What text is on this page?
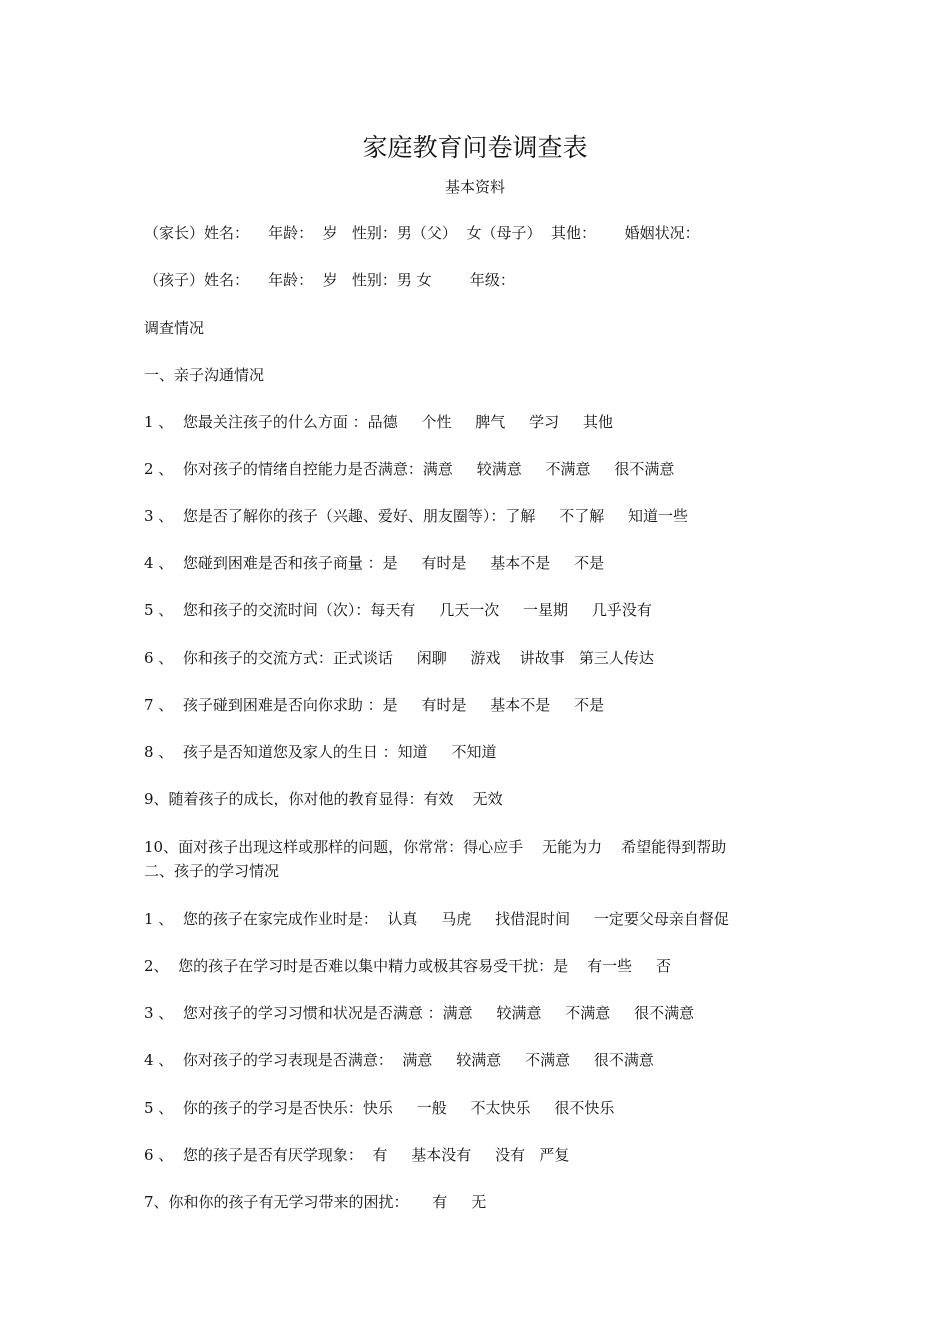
家庭教育问卷调查表
基本资料
（家长）姓名：    年龄：  岁   性别：男（父）  女（母子）  其他：      婚姻状况：
（孩子）姓名：    年龄：  岁   性别：男 女        年级：
调查情况
一、亲子沟通情况
1 、  您最关注孩子的什么方面 ：品德     个性     脾气     学习     其他
2 、  你对孩子的情绪自控能力是否满意：满意     较满意     不满意     很不满意
3 、  您是否了解你的孩子（兴趣、爱好、朋友圈等）：了解     不了解     知道一些
4 、  您碰到困难是否和孩子商量 ：是     有时是     基本不是     不是
5 、  您和孩子的交流时间（次）：每天有     几天一次     一星期     几乎没有
6 、  你和孩子的交流方式：正式谈话     闲聊     游戏    讲故事   第三人传达
7 、  孩子碰到困难是否向你求助 ：是     有时是     基本不是     不是
8 、  孩子是否知道您及家人的生日 ：知道     不知道
9、随着孩子的成长，你对他的教育显得：有效    无效
10、面对孩子出现这样或那样的问题，你常常：得心应手    无能为力    希望能得到帮助
二、孩子的学习情况
1 、  您的孩子在家完成作业时是：  认真     马虎     找借混时间     一定要父母亲自督促
2、  您的孩子在学习时是否难以集中精力或极其容易受干扰：是    有一些     否
3 、  您对孩子的学习习惯和状况是否满意 ：满意     较满意     不满意     很不满意
4 、  你对孩子的学习表现是否满意：  满意     较满意     不满意     很不满意
5 、  你的孩子的学习是否快乐：快乐     一般     不太快乐     很不快乐
6 、  您的孩子是否有厌学现象：  有     基本没有     没有   严复
7、你和你的孩子有无学习带来的困扰：     有     无
